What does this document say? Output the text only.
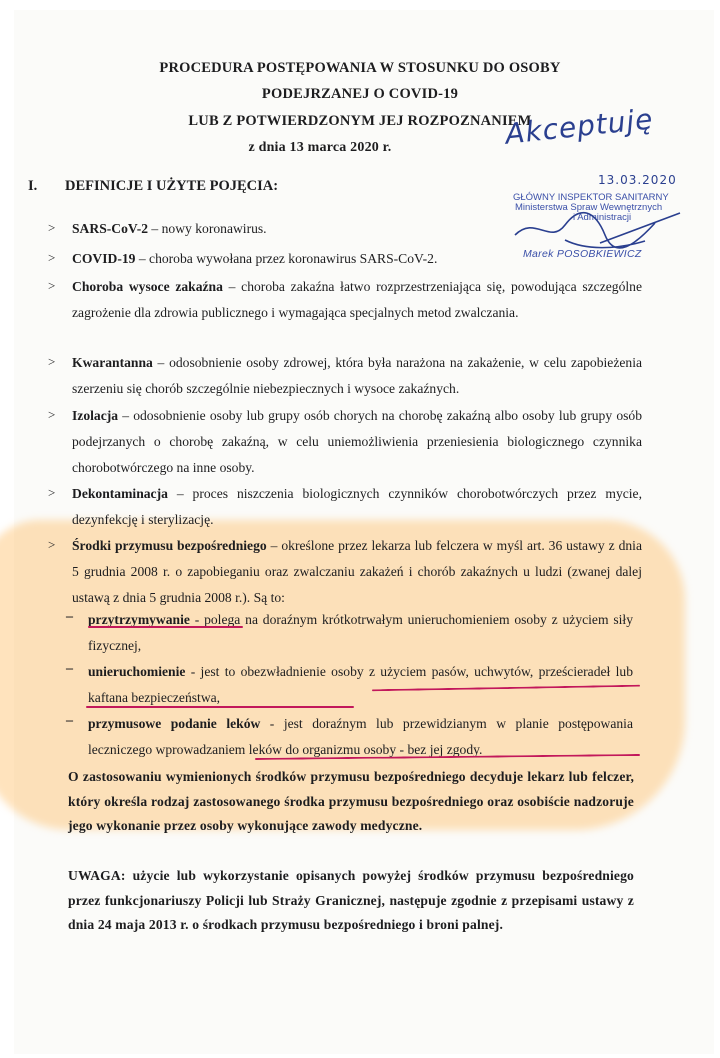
PROCEDURA POSTĘPOWANIA W STOSUNKU DO OSOBY
PODEJRZANEJ O COVID-19
LUB Z POTWIERDZONYM JEJ ROZPOZNANIEM
z dnia 13 marca 2020 r.
I. DEFINICJE I UŻYTE POJĘCIA:
Akceptuję
13.03.2020
GŁÓWNY INSPEKTOR SANITARNY
Ministerstwa Spraw Wewnętrznych
i Administracji
Marek POSOBKIEWICZ
> SARS-CoV-2 – nowy koronawirus.
> COVID-19 – choroba wywołana przez koronawirus SARS-CoV-2.
> Choroba wysoce zakaźna – choroba zakaźna łatwo rozprzestrzeniająca się, powodująca szczególne zagrożenie dla zdrowia publicznego i wymagająca specjalnych metod zwalczania.
> Kwarantanna – odosobnienie osoby zdrowej, która była narażona na zakażenie, w celu zapobieżenia szerzeniu się chorób szczególnie niebezpiecznych i wysoce zakaźnych.
> Izolacja – odosobnienie osoby lub grupy osób chorych na chorobę zakaźną albo osoby lub grupy osób podejrzanych o chorobę zakaźną, w celu uniemożliwienia przeniesienia biologicznego czynnika chorobotwórczego na inne osoby.
> Dekontaminacja – proces niszczenia biologicznych czynników chorobotwórczych przez mycie, dezynfekcję i sterylizację.
> Środki przymusu bezpośredniego – określone przez lekarza lub felczera w myśl art. 36 ustawy z dnia 5 grudnia 2008 r. o zapobieganiu oraz zwalczaniu zakażeń i chorób zakaźnych u ludzi (zwanej dalej ustawą z dnia 5 grudnia 2008 r.). Są to:
– przytrzymywanie - polega na doraźnym krótkotrwałym unieruchomieniem osoby z użyciem siły fizycznej,
– unieruchomienie - jest to obezwładnienie osoby z użyciem pasów, uchwytów, prześcieradeł lub kaftana bezpieczeństwa,
– przymusowe podanie leków - jest doraźnym lub przewidzianym w planie postępowania leczniczego wprowadzaniem leków do organizmu osoby - bez jej zgody.
O zastosowaniu wymienionych środków przymusu bezpośredniego decyduje lekarz lub felczer, który określa rodzaj zastosowanego środka przymusu bezpośredniego oraz osobiście nadzoruje jego wykonanie przez osoby wykonujące zawody medyczne.
UWAGA: użycie lub wykorzystanie opisanych powyżej środków przymusu bezpośredniego przez funkcjonariuszy Policji lub Straży Granicznej, następuje zgodnie z przepisami ustawy z dnia 24 maja 2013 r. o środkach przymusu bezpośredniego i broni palnej.
